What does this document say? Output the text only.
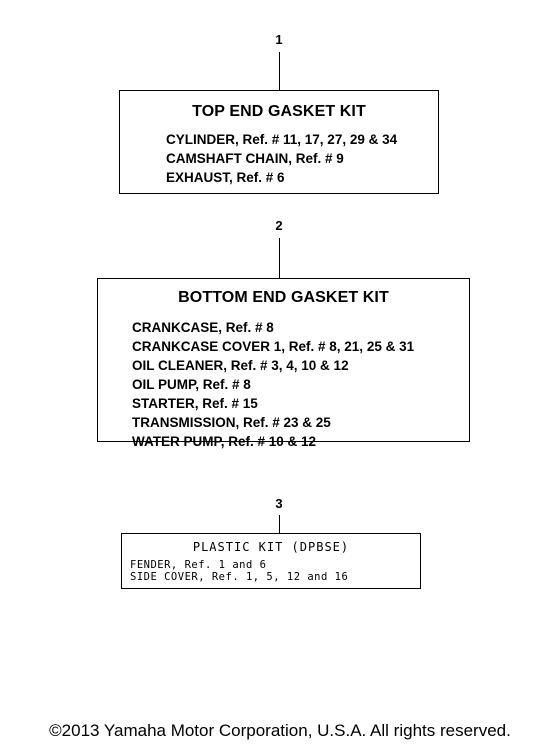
1
TOP END GASKET KIT
CYLINDER, Ref. # 11, 17, 27, 29 & 34
CAMSHAFT CHAIN, Ref. # 9
EXHAUST, Ref. # 6
2
BOTTOM END GASKET KIT
CRANKCASE, Ref. # 8
CRANKCASE COVER 1, Ref. # 8, 21, 25 & 31
OIL CLEANER, Ref. # 3, 4, 10 & 12
OIL PUMP, Ref. # 8
STARTER, Ref. # 15
TRANSMISSION, Ref. # 23 & 25
WATER PUMP, Ref. # 10 & 12
3
PLASTIC KIT (DPBSE)
FENDER, Ref. 1 and 6
SIDE COVER, Ref. 1, 5, 12 and 16
©2013 Yamaha Motor Corporation, U.S.A. All rights reserved.
